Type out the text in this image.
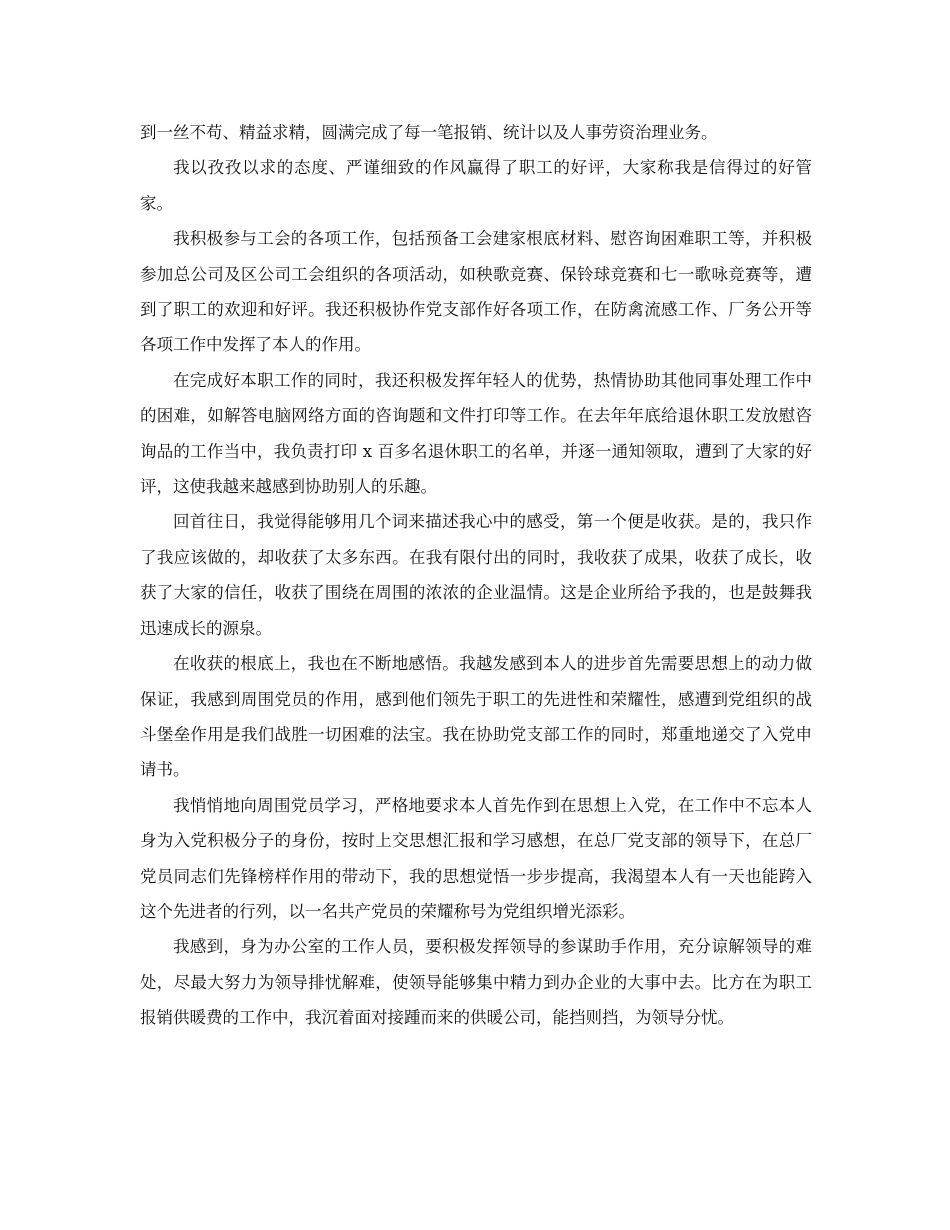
到一丝不苟、精益求精，圆满完成了每一笔报销、统计以及人事劳资治理业务。

我以孜孜以求的态度、严谨细致的作风赢得了职工的好评，大家称我是信得过的好管家。

我积极参与工会的各项工作，包括预备工会建家根底材料、慰咨询困难职工等，并积极参加总公司及区公司工会组织的各项活动，如秧歌竞赛、保铃球竞赛和七一歌咏竞赛等，遭到了职工的欢迎和好评。我还积极协作党支部作好各项工作，在防禽流感工作、厂务公开等各项工作中发挥了本人的作用。

在完成好本职工作的同时，我还积极发挥年轻人的优势，热情协助其他同事处理工作中的困难，如解答电脑网络方面的咨询题和文件打印等工作。在去年年底给退休职工发放慰咨询品的工作当中，我负责打印 x 百多名退休职工的名单，并逐一通知领取，遭到了大家的好评，这使我越来越感到协助别人的乐趣。

回首往日，我觉得能够用几个词来描述我心中的感受，第一个便是收获。是的，我只作了我应该做的，却收获了太多东西。在我有限付出的同时，我收获了成果，收获了成长，收获了大家的信任，收获了围绕在周围的浓浓的企业温情。这是企业所给予我的，也是鼓舞我迅速成长的源泉。

在收获的根底上，我也在不断地感悟。我越发感到本人的进步首先需要思想上的动力做保证，我感到周围党员的作用，感到他们领先于职工的先进性和荣耀性，感遭到党组织的战斗堡垒作用是我们战胜一切困难的法宝。我在协助党支部工作的同时，郑重地递交了入党申请书。

我悄悄地向周围党员学习，严格地要求本人首先作到在思想上入党，在工作中不忘本人身为入党积极分子的身份，按时上交思想汇报和学习感想，在总厂党支部的领导下，在总厂党员同志们先锋榜样作用的带动下，我的思想觉悟一步步提高，我渴望本人有一天也能跨入这个先进者的行列，以一名共产党员的荣耀称号为党组织增光添彩。

我感到，身为办公室的工作人员，要积极发挥领导的参谋助手作用，充分谅解领导的难处，尽最大努力为领导排忧解难，使领导能够集中精力到办企业的大事中去。比方在为职工报销供暖费的工作中，我沉着面对接踵而来的供暖公司，能挡则挡，为领导分忧。
